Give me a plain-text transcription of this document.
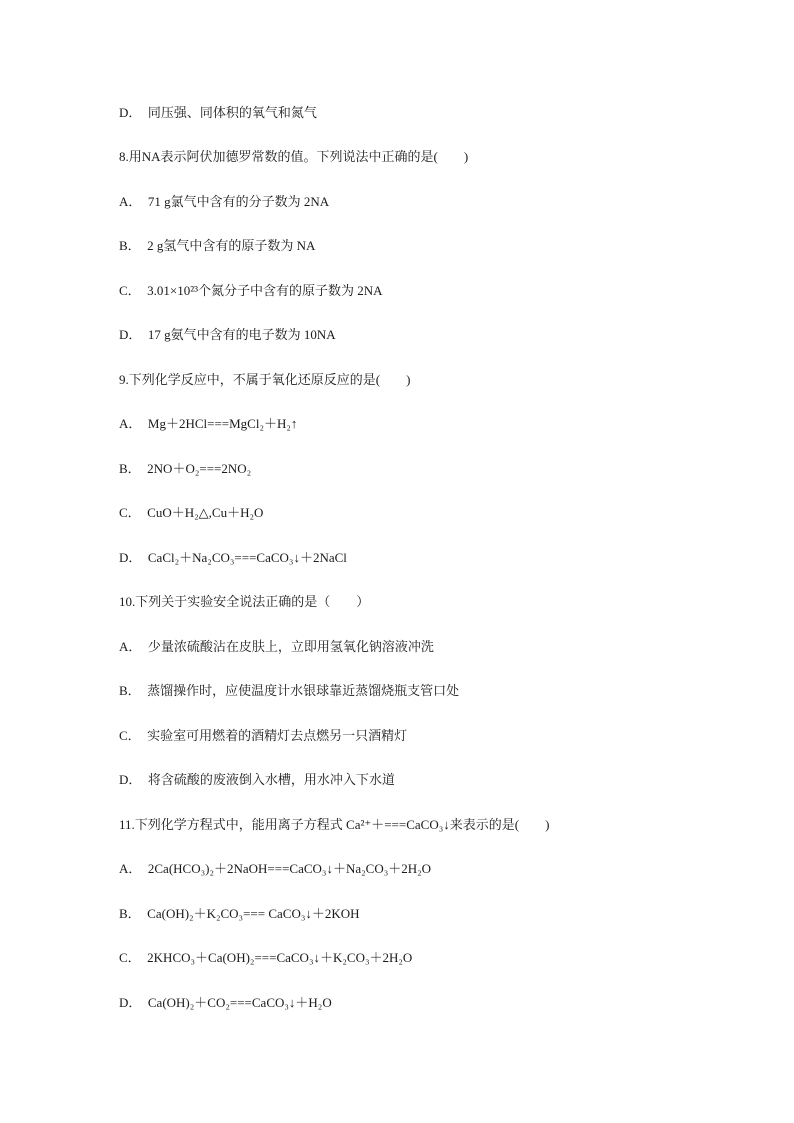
D．　同压强、同体积的氧气和氮气
8.用NA表示阿伏加德罗常数的值。下列说法中正确的是(　　)
A．　71 g氯气中含有的分子数为 2NA
B．　2 g氢气中含有的原子数为 NA
C．　3.01×10²³个氮分子中含有的原子数为 2NA
D．　17 g氨气中含有的电子数为 10NA
9.下列化学反应中，不属于氧化还原反应的是(　　)
A．　Mg＋2HCl===MgCl₂＋H₂↑
B．　2NO＋O₂===2NO₂
C．　CuO＋H₂△,Cu＋H₂O
D．　CaCl₂＋Na₂CO₃===CaCO₃↓＋2NaCl
10.下列关于实验安全说法正确的是（　　）
A．　少量浓硫酸沾在皮肤上，立即用氢氧化钠溶液冲洗
B．　蒸馏操作时，应使温度计水银球靠近蒸馏烧瓶支管口处
C．　实验室可用燃着的酒精灯去点燃另一只酒精灯
D．　将含硫酸的废液倒入水槽，用水冲入下水道
11.下列化学方程式中，能用离子方程式 Ca²⁺＋===CaCO₃↓来表示的是(　　)
A．　2Ca(HCO₃)₂＋2NaOH===CaCO₃↓＋Na₂CO₃＋2H₂O
B．　Ca(OH)₂＋K₂CO₃=== CaCO₃↓＋2KOH
C．　2KHCO₃＋Ca(OH)₂===CaCO₃↓＋K₂CO₃＋2H₂O
D．　Ca(OH)₂＋CO₂===CaCO₃↓＋H₂O
